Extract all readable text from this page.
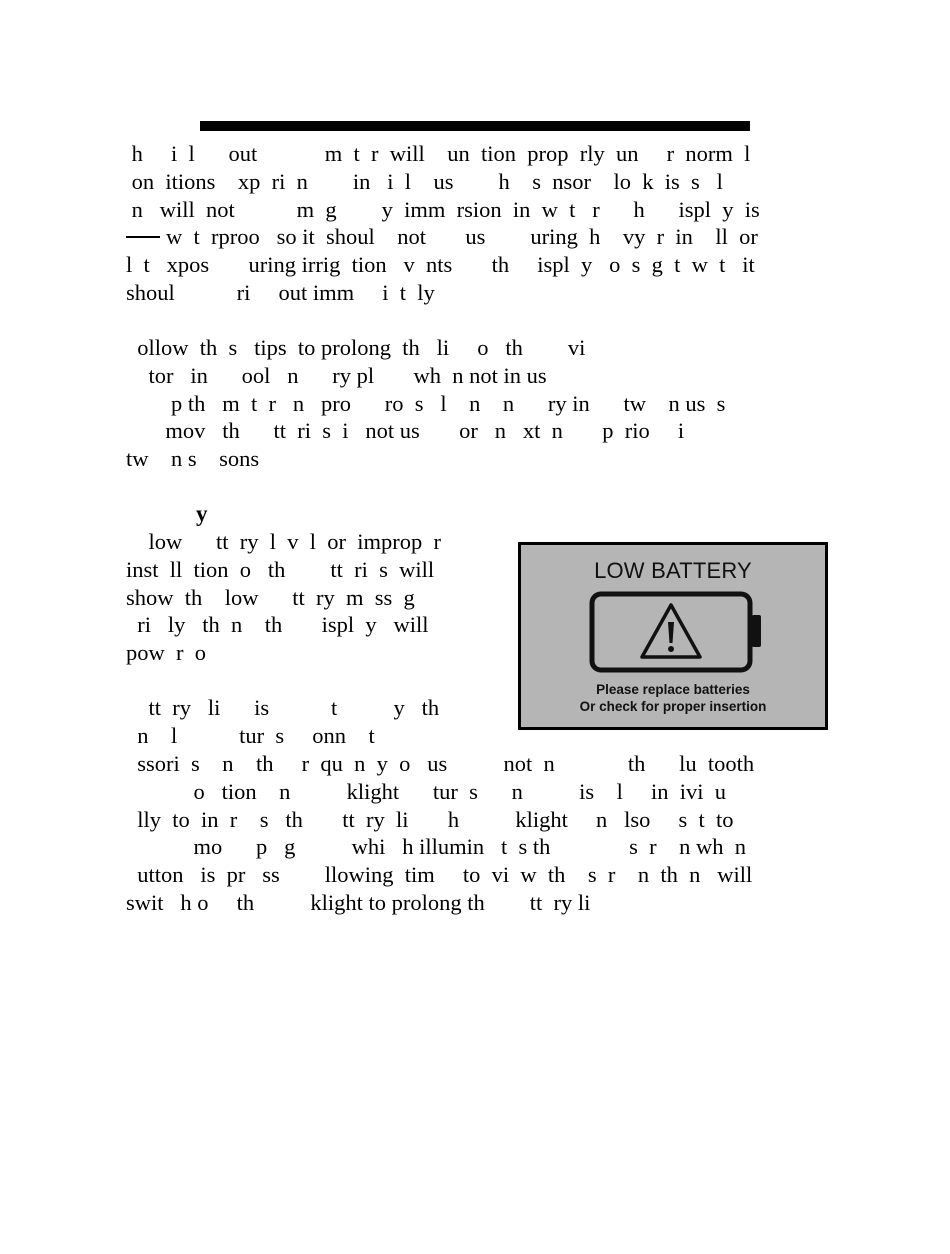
h     i  l      out            m  t  r  will    un  tion  prop  rly  un     r  norm  l
on  itions    xp  ri  n        in   i  l    us        h    s  nsor    lo  k  is  s   l
n   will  not           m  g        y  imm  rsion  in  w  t   r      h      ispl  y  is
w  t  rproo   so it  shoul    not       us        uring  h    vy  r  in    ll  or
l  t   xpos       uring irrig  tion   v  nts       th     ispl  y   o  s  g  t  w  t   it
shoul           ri     out imm     i  t  ly
ollow  th  s   tips  to prolong  th   li     o   th        vi
tor   in      ool   n      ry pl       wh  n not in us
p th   m  t  r   n   pro      ro  s   l    n    n      ry in      tw    n us  s
mov   th      tt  ri  s  i   not us       or   n   xt  n       p  rio     i
tw    n s    sons
y
low      tt  ry  l  v  l  or  improp  r
inst  ll  tion  o   th        tt  ri  s  will
show  th    low      tt  ry  m  ss  g
ri   ly   th  n    th       ispl  y   will
pow  r  o
tt  ry   li      is           t          y   th
n    l           tur  s     onn    t
ssori  s    n    th     r  qu  n  y  o   us          not  n             th      lu  tooth
o   tion    n          klight      tur  s      n          is    l     in  ivi  u
lly  to  in  r    s   th       tt  ry  li       h          klight     n   lso     s  t  to
mo      p   g          whi   h illumin   t  s th              s  r    n wh  n
utton   is  pr   ss        llowing  tim     to  vi  w  th    s  r    n  th  n   will
swit   h o     th          klight to prolong th        tt  ry li
LOW BATTERY
Please replace batteries
Or check for proper insertion
